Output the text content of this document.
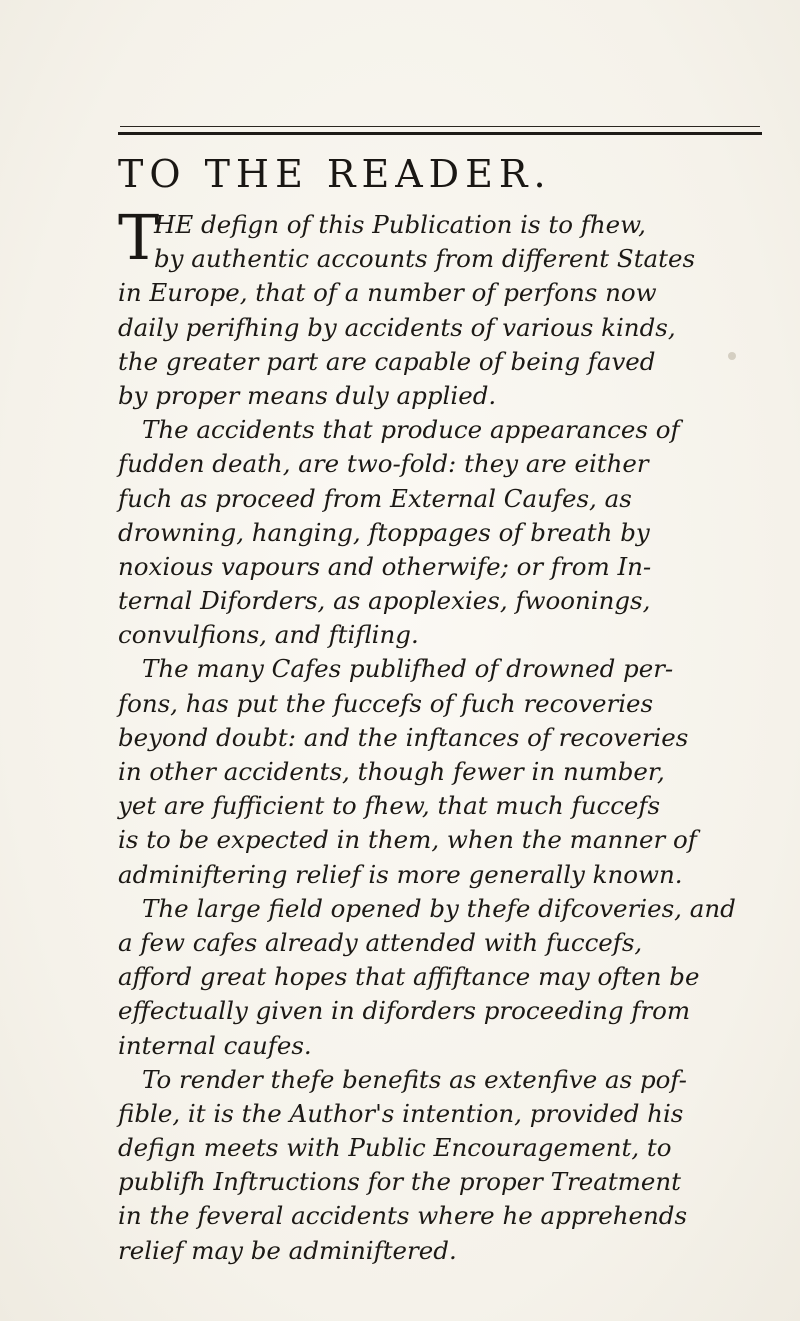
TO THE READER.
T
HE defign of this Publication is to fhew,
by authentic accounts from different States
in Europe, that of a number of perfons now
daily perifhing by accidents of various kinds,
the greater part are capable of being faved
by proper means duly applied.
The accidents that produce appearances of
fudden death, are two-fold: they are either
fuch as proceed from External Caufes, as
drowning, hanging, ftoppages of breath by
noxious vapours and otherwife; or from In-
ternal Diforders, as apoplexies, fwoonings,
convulfions, and ftifling.
The many Cafes publifhed of drowned per-
fons, has put the fuccefs of fuch recoveries
beyond doubt: and the inftances of recoveries
in other accidents, though fewer in number,
yet are fufficient to fhew, that much fuccefs
is to be expected in them, when the manner of
adminiftering relief is more generally known.
The large field opened by thefe difcoveries, and
a few cafes already attended with fuccefs,
afford great hopes that affiftance may often be
effectually given in diforders proceeding from
internal caufes.
To render thefe benefits as extenfive as pof-
fible, it is the Author's intention, provided his
defign meets with Public Encouragement, to
publifh Inftructions for the proper Treatment
in the feveral accidents where he apprehends
relief may be adminiftered.
